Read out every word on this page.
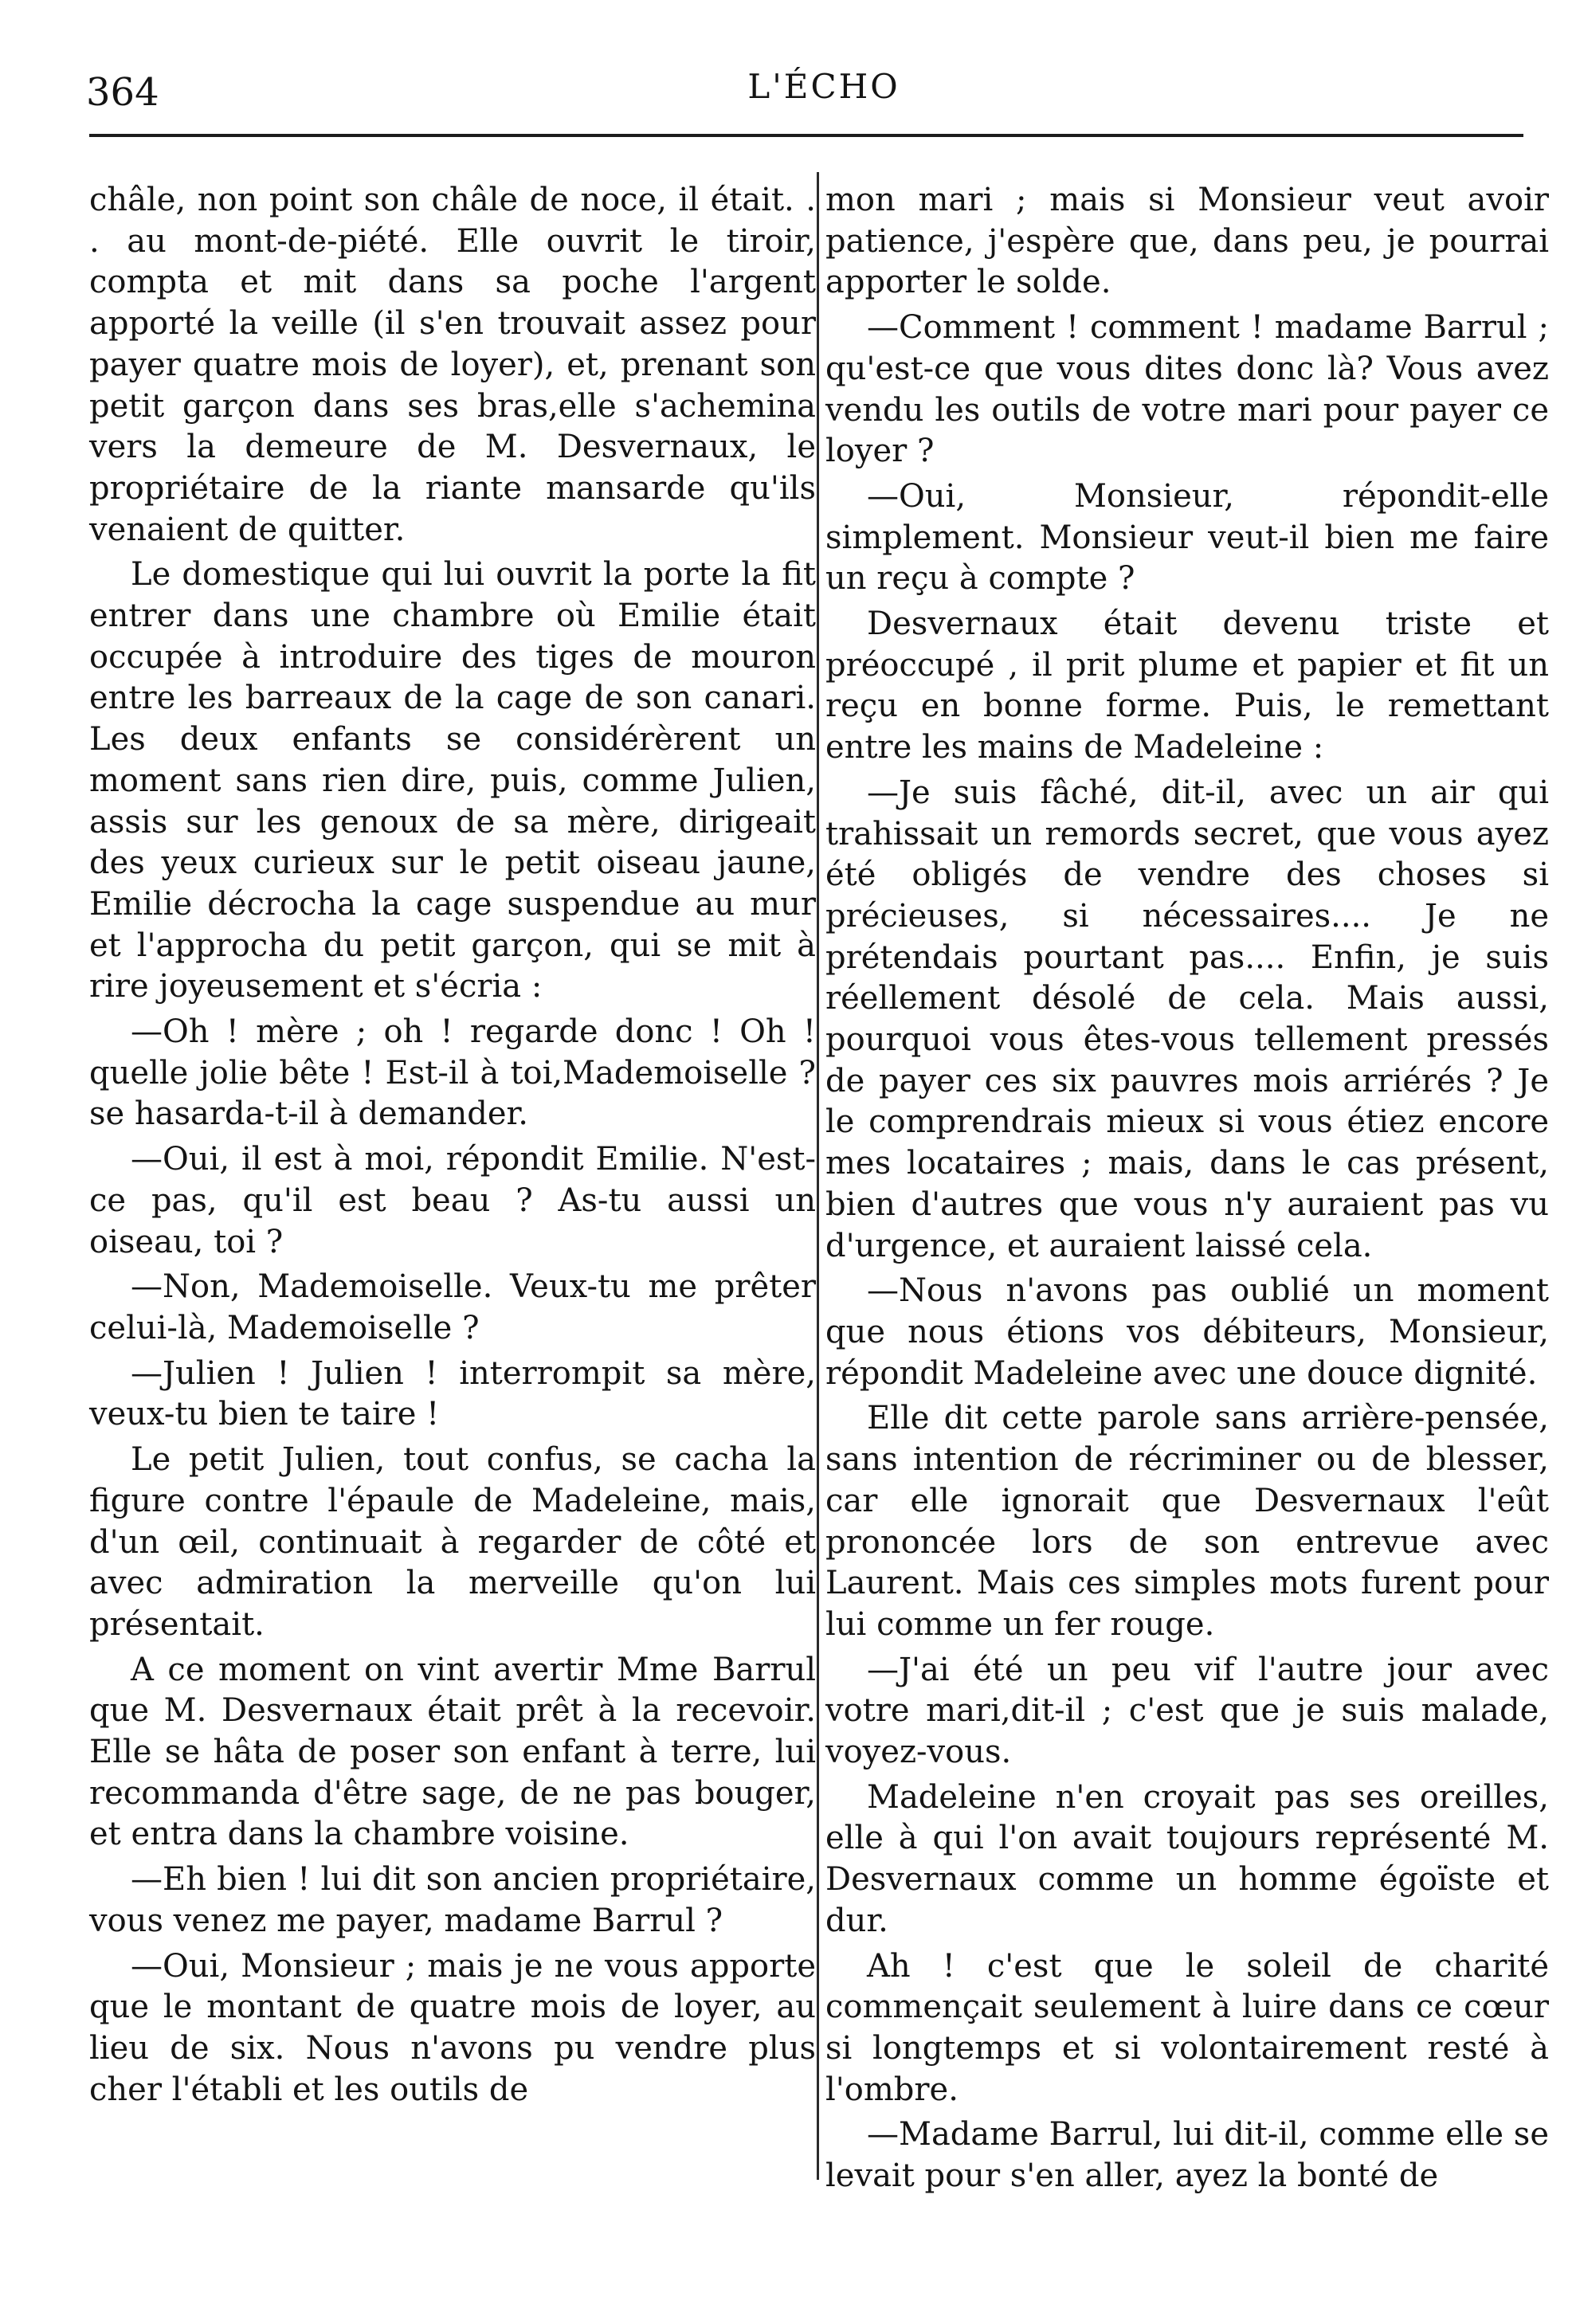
364	L'ÉCHO

châle, non point son châle de noce, il était. . . au mont-de-piété. Elle ouvrit le tiroir, compta et mit dans sa poche l'argent apporté la veille (il s'en trouvait assez pour payer quatre mois de loyer), et, prenant son petit garçon dans ses bras,elle s'achemina vers la demeure de M. Desvernaux, le propriétaire de la riante mansarde qu'ils venaient de quitter.

Le domestique qui lui ouvrit la porte la fit entrer dans une chambre où Emilie était occupée à introduire des tiges de mouron entre les barreaux de la cage de son canari. Les deux enfants se considérèrent un moment sans rien dire, puis, comme Julien, assis sur les genoux de sa mère, dirigeait des yeux curieux sur le petit oiseau jaune, Emilie décrocha la cage suspendue au mur et l'approcha du petit garçon, qui se mit à rire joyeusement et s'écria :

—Oh ! mère ; oh ! regarde donc ! Oh ! quelle jolie bête ! Est-il à toi,Mademoiselle ? se hasarda-t-il à demander.

—Oui, il est à moi, répondit Emilie. N'est-ce pas, qu'il est beau ? As-tu aussi un oiseau, toi ?

—Non, Mademoiselle. Veux-tu me prêter celui-là, Mademoiselle ?

—Julien ! Julien ! interrompit sa mère, veux-tu bien te taire !

Le petit Julien, tout confus, se cacha la figure contre l'épaule de Madeleine, mais, d'un œil, continuait à regarder de côté et avec admiration la merveille qu'on lui présentait.

A ce moment on vint avertir Mme Barrul que M. Desvernaux était prêt à la recevoir. Elle se hâta de poser son enfant à terre, lui recommanda d'être sage, de ne pas bouger, et entra dans la chambre voisine.

—Eh bien ! lui dit son ancien propriétaire, vous venez me payer, madame Barrul ?

—Oui, Monsieur ; mais je ne vous apporte que le montant de quatre mois de loyer, au lieu de six. Nous n'avons pu vendre plus cher l'établi et les outils de

mon mari ; mais si Monsieur veut avoir patience, j'espère que, dans peu, je pourrai apporter le solde.

—Comment ! comment ! madame Barrul ; qu'est-ce que vous dites donc là? Vous avez vendu les outils de votre mari pour payer ce loyer ?

—Oui, Monsieur, répondit-elle simplement. Monsieur veut-il bien me faire un reçu à compte ?

Desvernaux était devenu triste et préoccupé , il prit plume et papier et fit un reçu en bonne forme. Puis, le remettant entre les mains de Madeleine :

—Je suis fâché, dit-il, avec un air qui trahissait un remords secret, que vous ayez été obligés de vendre des choses si précieuses, si nécessaires.... Je ne prétendais pourtant pas.... Enfin, je suis réellement désolé de cela. Mais aussi, pourquoi vous êtes-vous tellement pressés de payer ces six pauvres mois arriérés ? Je le comprendrais mieux si vous étiez encore mes locataires ; mais, dans le cas présent, bien d'autres que vous n'y auraient pas vu d'urgence, et auraient laissé cela.

—Nous n'avons pas oublié un moment que nous étions vos débiteurs, Monsieur, répondit Madeleine avec une douce dignité.

Elle dit cette parole sans arrière-pensée, sans intention de récriminer ou de blesser, car elle ignorait que Desvernaux l'eût prononcée lors de son entrevue avec Laurent. Mais ces simples mots furent pour lui comme un fer rouge.

—J'ai été un peu vif l'autre jour avec votre mari,dit-il ; c'est que je suis malade, voyez-vous.

Madeleine n'en croyait pas ses oreilles, elle à qui l'on avait toujours représenté M. Desvernaux comme un homme égoïste et dur.

Ah ! c'est que le soleil de charité commençait seulement à luire dans ce cœur si longtemps et si volontairement resté à l'ombre.

—Madame Barrul, lui dit-il, comme elle se levait pour s'en aller, ayez la bonté de
